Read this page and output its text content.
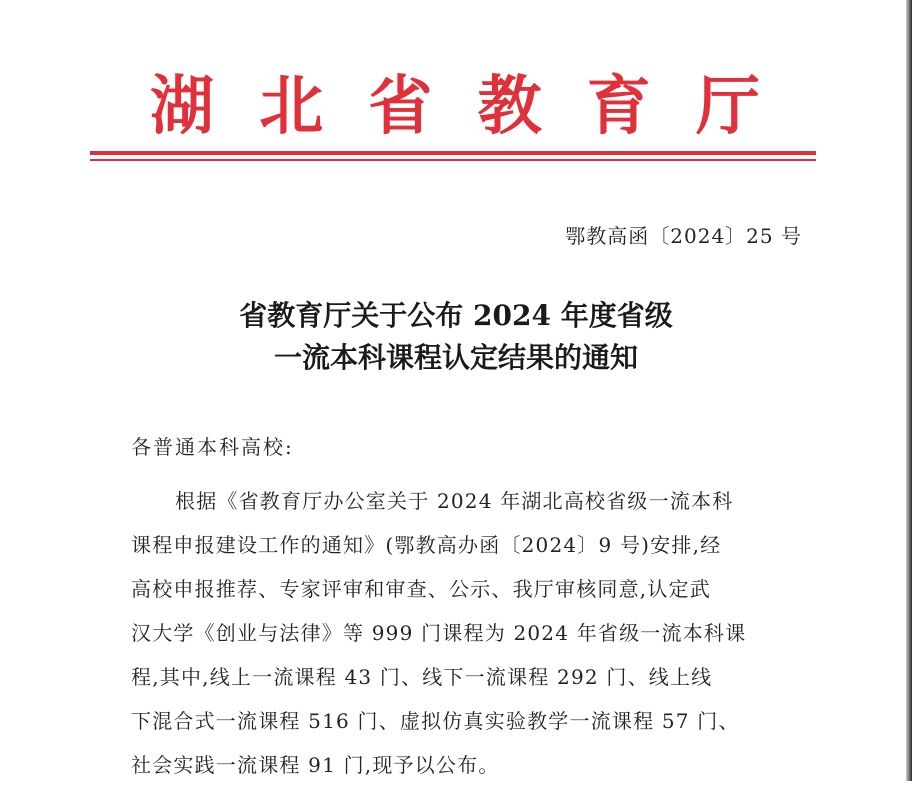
湖 北 省 教 育 厅
鄂教高函〔2024〕25 号
省教育厅关于公布 2024 年度省级
一流本科课程认定结果的通知
各普通本科高校:
根据《省教育厅办公室关于 2024 年湖北高校省级一流本科
课程申报建设工作的通知》(鄂教高办函〔2024〕9 号)安排,经
高校申报推荐、专家评审和审查、公示、我厅审核同意,认定武
汉大学《创业与法律》等 999 门课程为 2024 年省级一流本科课
程,其中,线上一流课程 43 门、线下一流课程 292 门、线上线
下混合式一流课程 516 门、虚拟仿真实验教学一流课程 57 门、
社会实践一流课程 91 门,现予以公布。
